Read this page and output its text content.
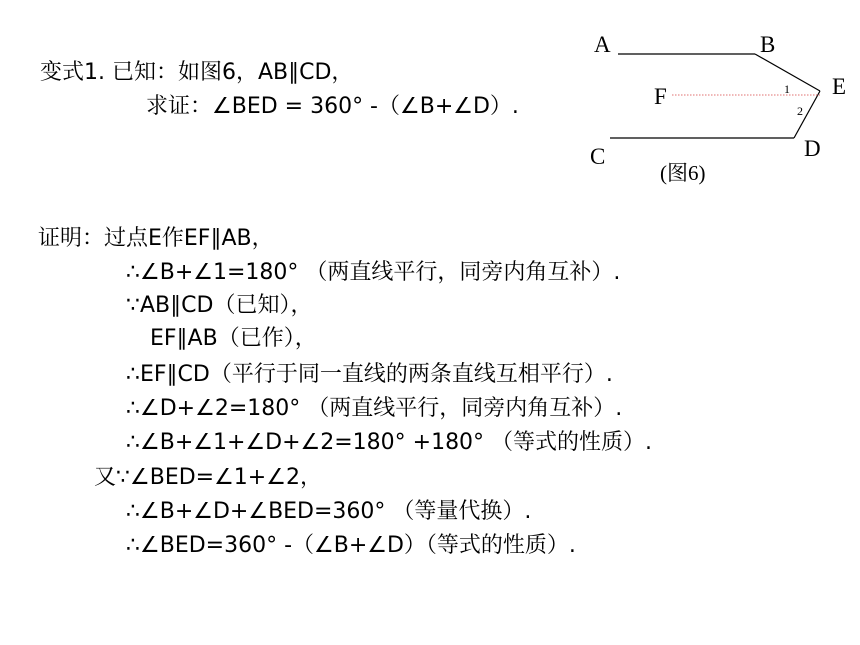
变式1. 已知：如图6，AB∥CD，
求证：∠BED = 360° -（∠B+∠D）.
A	B
E
F
C	D
1
2
(图6)
证明：过点E作EF∥AB，
∴∠B+∠1=180° （两直线平行，同旁内角互补）.
∵AB∥CD（已知），
EF∥AB（已作），
∴EF∥CD（平行于同一直线的两条直线互相平行）.
∴∠D+∠2=180° （两直线平行，同旁内角互补）.
∴∠B+∠1+∠D+∠2=180° +180° （等式的性质）.
又∵∠BED=∠1+∠2，
∴∠B+∠D+∠BED=360° （等量代换）.
∴∠BED=360° -（∠B+∠D）（等式的性质）.
